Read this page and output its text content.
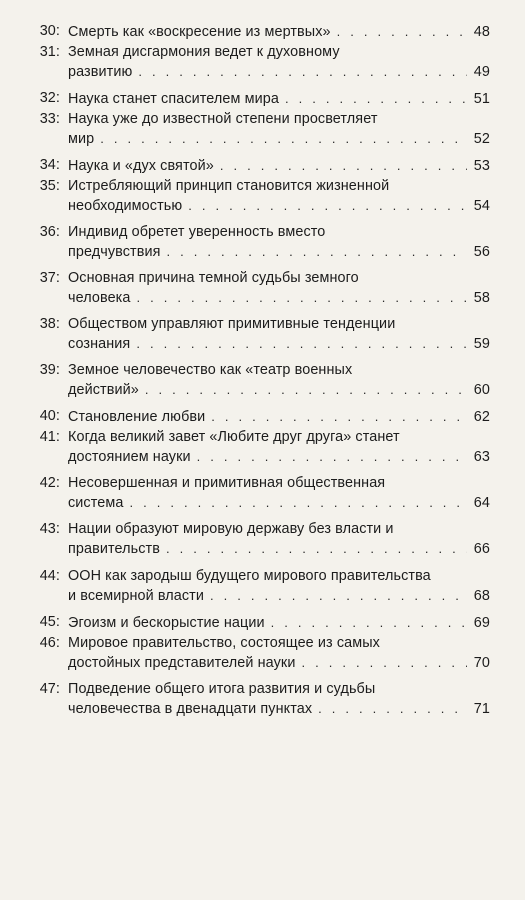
30: Смерть как «воскресение из мертвых» . . .	48
31: Земная дисгармония ведет к духовному
развитию . . .	49
32: Наука станет спасителем мира . . .	51
33: Наука уже до известной степени просветляет
мир . . .	52
34: Наука и «дух святой» . . .	53
35: Истребляющий принцип становится жизненной
необходимостью . . .	54
36: Индивид обретет уверенность вместо
предчувствия . . .	56
37: Основная причина темной судьбы земного
человека . . .	58
38: Обществом управляют примитивные тенденции
сознания . . .	59
39: Земное человечество как «театр военных
действий» . . .	60
40: Становление любви . . .	62
41: Когда великий завет «Любите друг друга» станет
достоянием науки . . .	63
42: Несовершенная и примитивная общественная
система . . .	64
43: Нации образуют мировую державу без власти и
правительств . . .	66
44: ООН как зародыш будущего мирового правительства
и всемирной власти . . .	68
45: Эгоизм и бескорыстие нации . . .	69
46: Мировое правительство, состоящее из самых
достойных представителей науки . . .	70
47: Подведение общего итога развития и судьбы
человечества в двенадцати пунктах . . .	71
